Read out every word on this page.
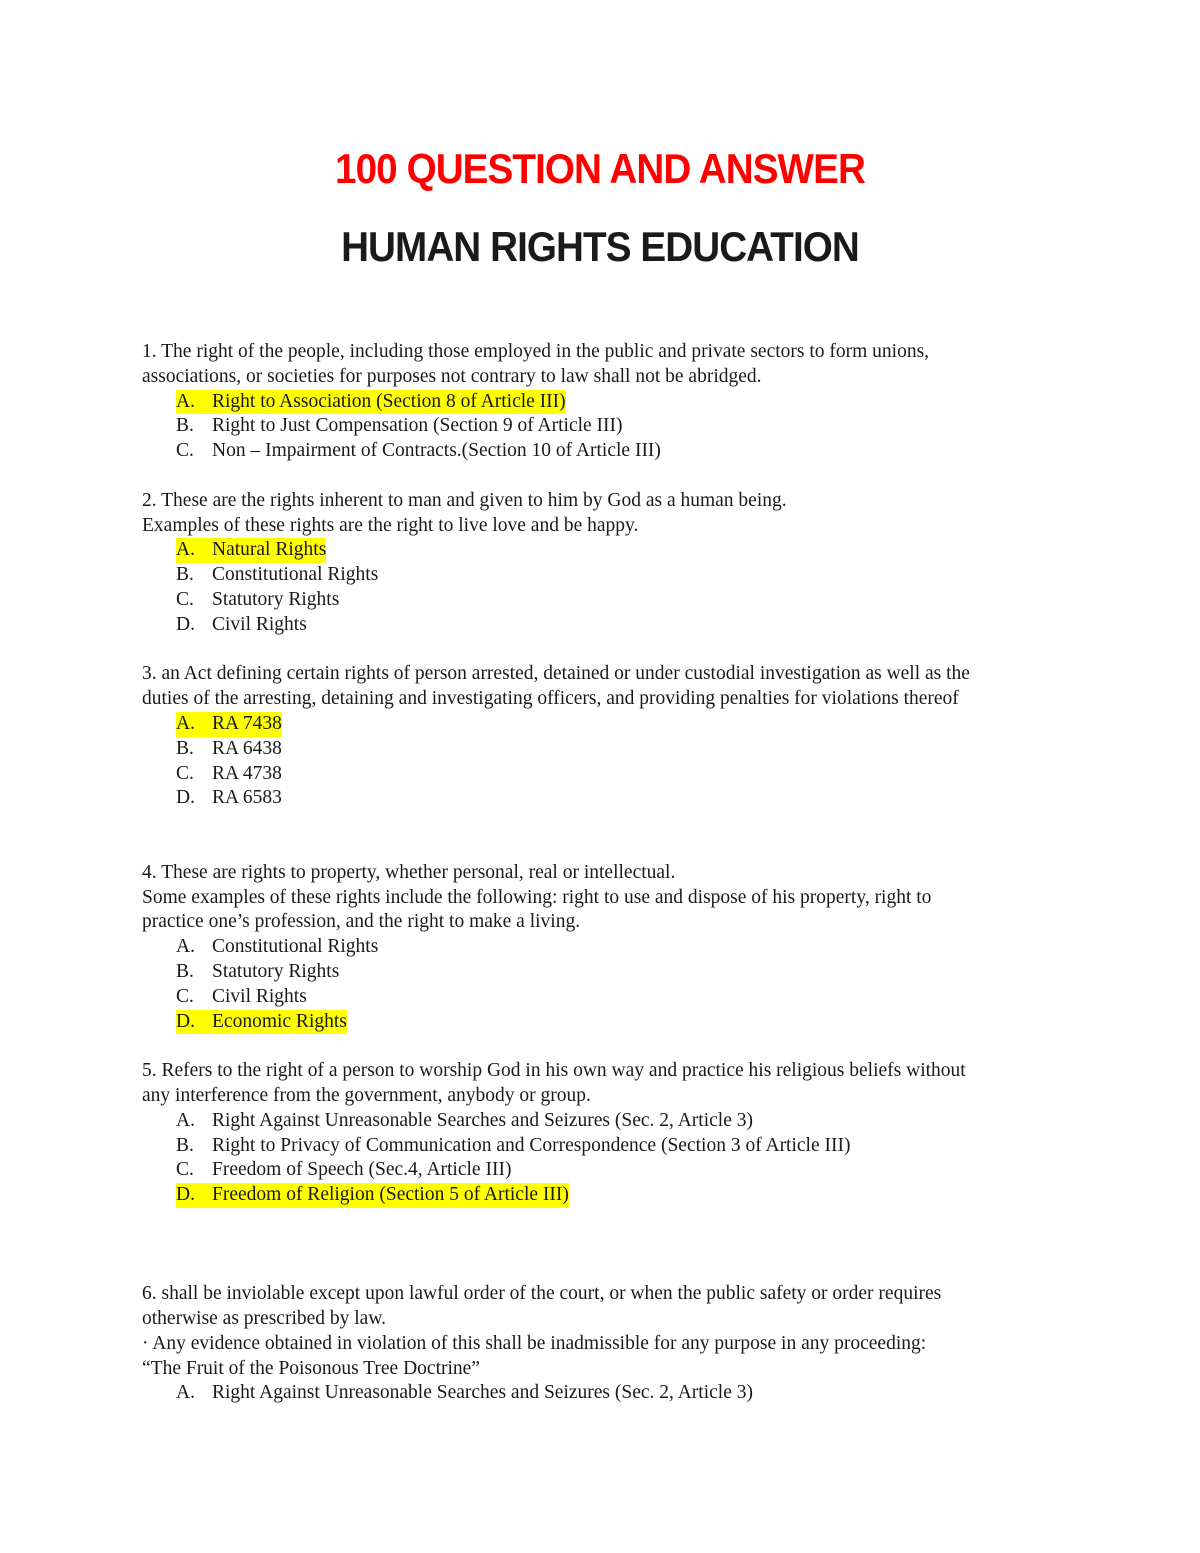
100 QUESTION AND ANSWER
HUMAN RIGHTS EDUCATION
1. The right of the people, including those employed in the public and private sectors to form unions,
associations, or societies for purposes not contrary to law shall not be abridged.
A. Right to Association (Section 8 of Article III)
B. Right to Just Compensation (Section 9 of Article III)
C. Non – Impairment of Contracts.(Section 10 of Article III)
2. These are the rights inherent to man and given to him by God as a human being.
Examples of these rights are the right to live love and be happy.
A. Natural Rights
B. Constitutional Rights
C. Statutory Rights
D. Civil Rights
3. an Act defining certain rights of person arrested, detained or under custodial investigation as well as the
duties of the arresting, detaining and investigating officers, and providing penalties for violations thereof
A. RA 7438
B. RA 6438
C. RA 4738
D. RA 6583
4. These are rights to property, whether personal, real or intellectual.
Some examples of these rights include the following: right to use and dispose of his property, right to
practice one’s profession, and the right to make a living.
A. Constitutional Rights
B. Statutory Rights
C. Civil Rights
D. Economic Rights
5. Refers to the right of a person to worship God in his own way and practice his religious beliefs without
any interference from the government, anybody or group.
A. Right Against Unreasonable Searches and Seizures (Sec. 2, Article 3)
B. Right to Privacy of Communication and Correspondence (Section 3 of Article III)
C. Freedom of Speech (Sec.4, Article III)
D. Freedom of Religion (Section 5 of Article III)
6. shall be inviolable except upon lawful order of the court, or when the public safety or order requires
otherwise as prescribed by law.
· Any evidence obtained in violation of this shall be inadmissible for any purpose in any proceeding:
“The Fruit of the Poisonous Tree Doctrine”
A. Right Against Unreasonable Searches and Seizures (Sec. 2, Article 3)
